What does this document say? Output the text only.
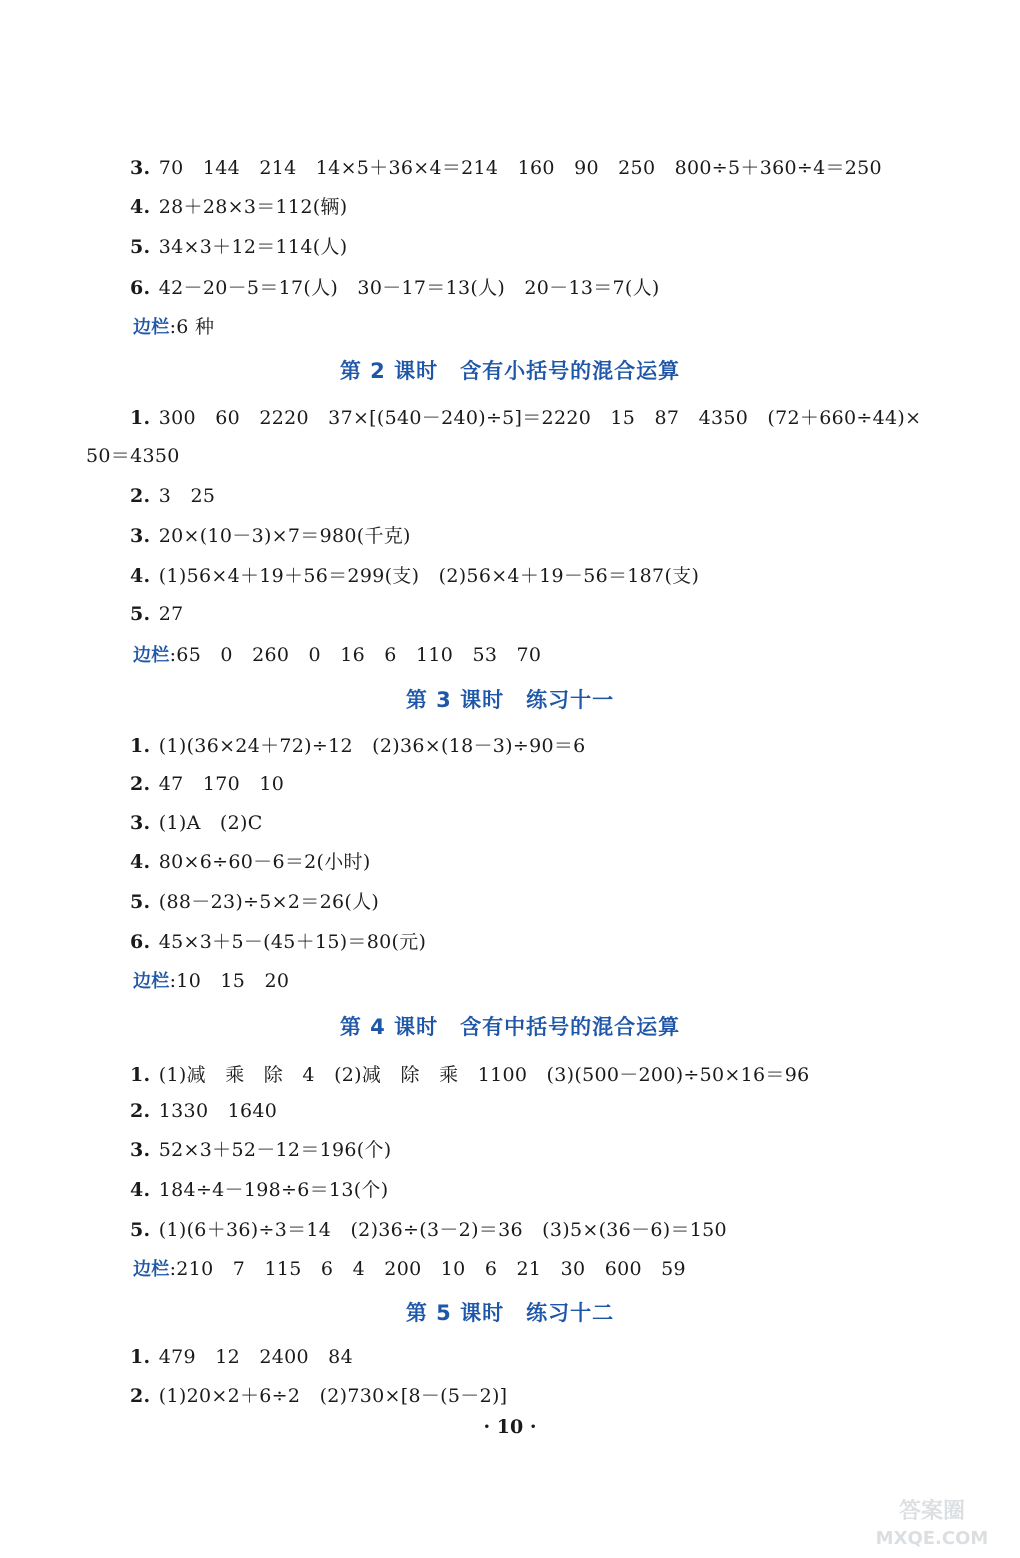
3. 70　144　214　14×5＋36×4＝214　160　90　250　800÷5＋360÷4＝250
4. 28＋28×3＝112(辆)
5. 34×3＋12＝114(人)
6. 42－20－5＝17(人)　30－17＝13(人)　20－13＝7(人)
边栏:6 种
第 2 课时　含有小括号的混合运算
1. 300　60　2220　37×[(540－240)÷5]＝2220　15　87　4350　(72＋660÷44)×
50＝4350
2. 3　25
3. 20×(10－3)×7＝980(千克)
4. (1)56×4＋19＋56＝299(支)　(2)56×4＋19－56＝187(支)
5. 27
边栏:65　0　260　0　16　6　110　53　70
第 3 课时　练习十一
1. (1)(36×24＋72)÷12　(2)36×(18－3)÷90＝6
2. 47　170　10
3. (1)A　(2)C
4. 80×6÷60－6＝2(小时)
5. (88－23)÷5×2＝26(人)
6. 45×3＋5－(45＋15)＝80(元)
边栏:10　15　20
第 4 课时　含有中括号的混合运算
1. (1)减　乘　除　4　(2)减　除　乘　1100　(3)(500－200)÷50×16＝96
2. 1330　1640
3. 52×3＋52－12＝196(个)
4. 184÷4－198÷6＝13(个)
5. (1)(6＋36)÷3＝14　(2)36÷(3－2)＝36　(3)5×(36－6)＝150
边栏:210　7　115　6　4　200　10　6　21　30　600　59
第 5 课时　练习十二
1. 479　12　2400　84
2. (1)20×2＋6÷2　(2)730×[8－(5－2)]
· 10 ·
答案圈
MXQE.COM
